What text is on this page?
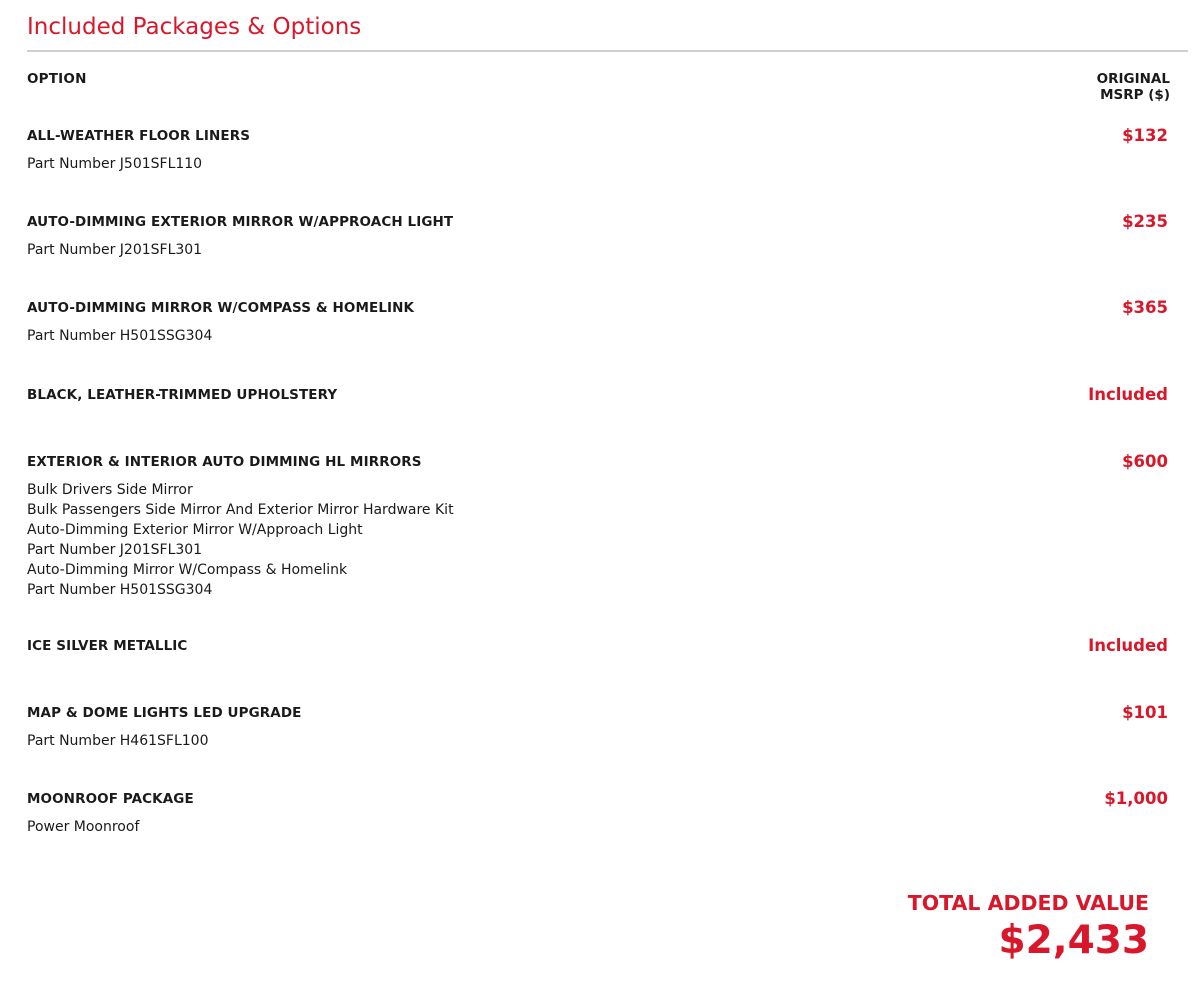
Included Packages & Options
OPTION	ORIGINAL
MSRP ($)
ALL-WEATHER FLOOR LINERS	$132
Part Number J501SFL110
AUTO-DIMMING EXTERIOR MIRROR W/APPROACH LIGHT	$235
Part Number J201SFL301
AUTO-DIMMING MIRROR W/COMPASS & HOMELINK	$365
Part Number H501SSG304
BLACK, LEATHER-TRIMMED UPHOLSTERY	Included
EXTERIOR & INTERIOR AUTO DIMMING HL MIRRORS	$600
Bulk Drivers Side Mirror
Bulk Passengers Side Mirror And Exterior Mirror Hardware Kit
Auto-Dimming Exterior Mirror W/Approach Light
Part Number J201SFL301
Auto-Dimming Mirror W/Compass & Homelink
Part Number H501SSG304
ICE SILVER METALLIC	Included
MAP & DOME LIGHTS LED UPGRADE	$101
Part Number H461SFL100
MOONROOF PACKAGE	$1,000
Power Moonroof
TOTAL ADDED VALUE
$2,433
